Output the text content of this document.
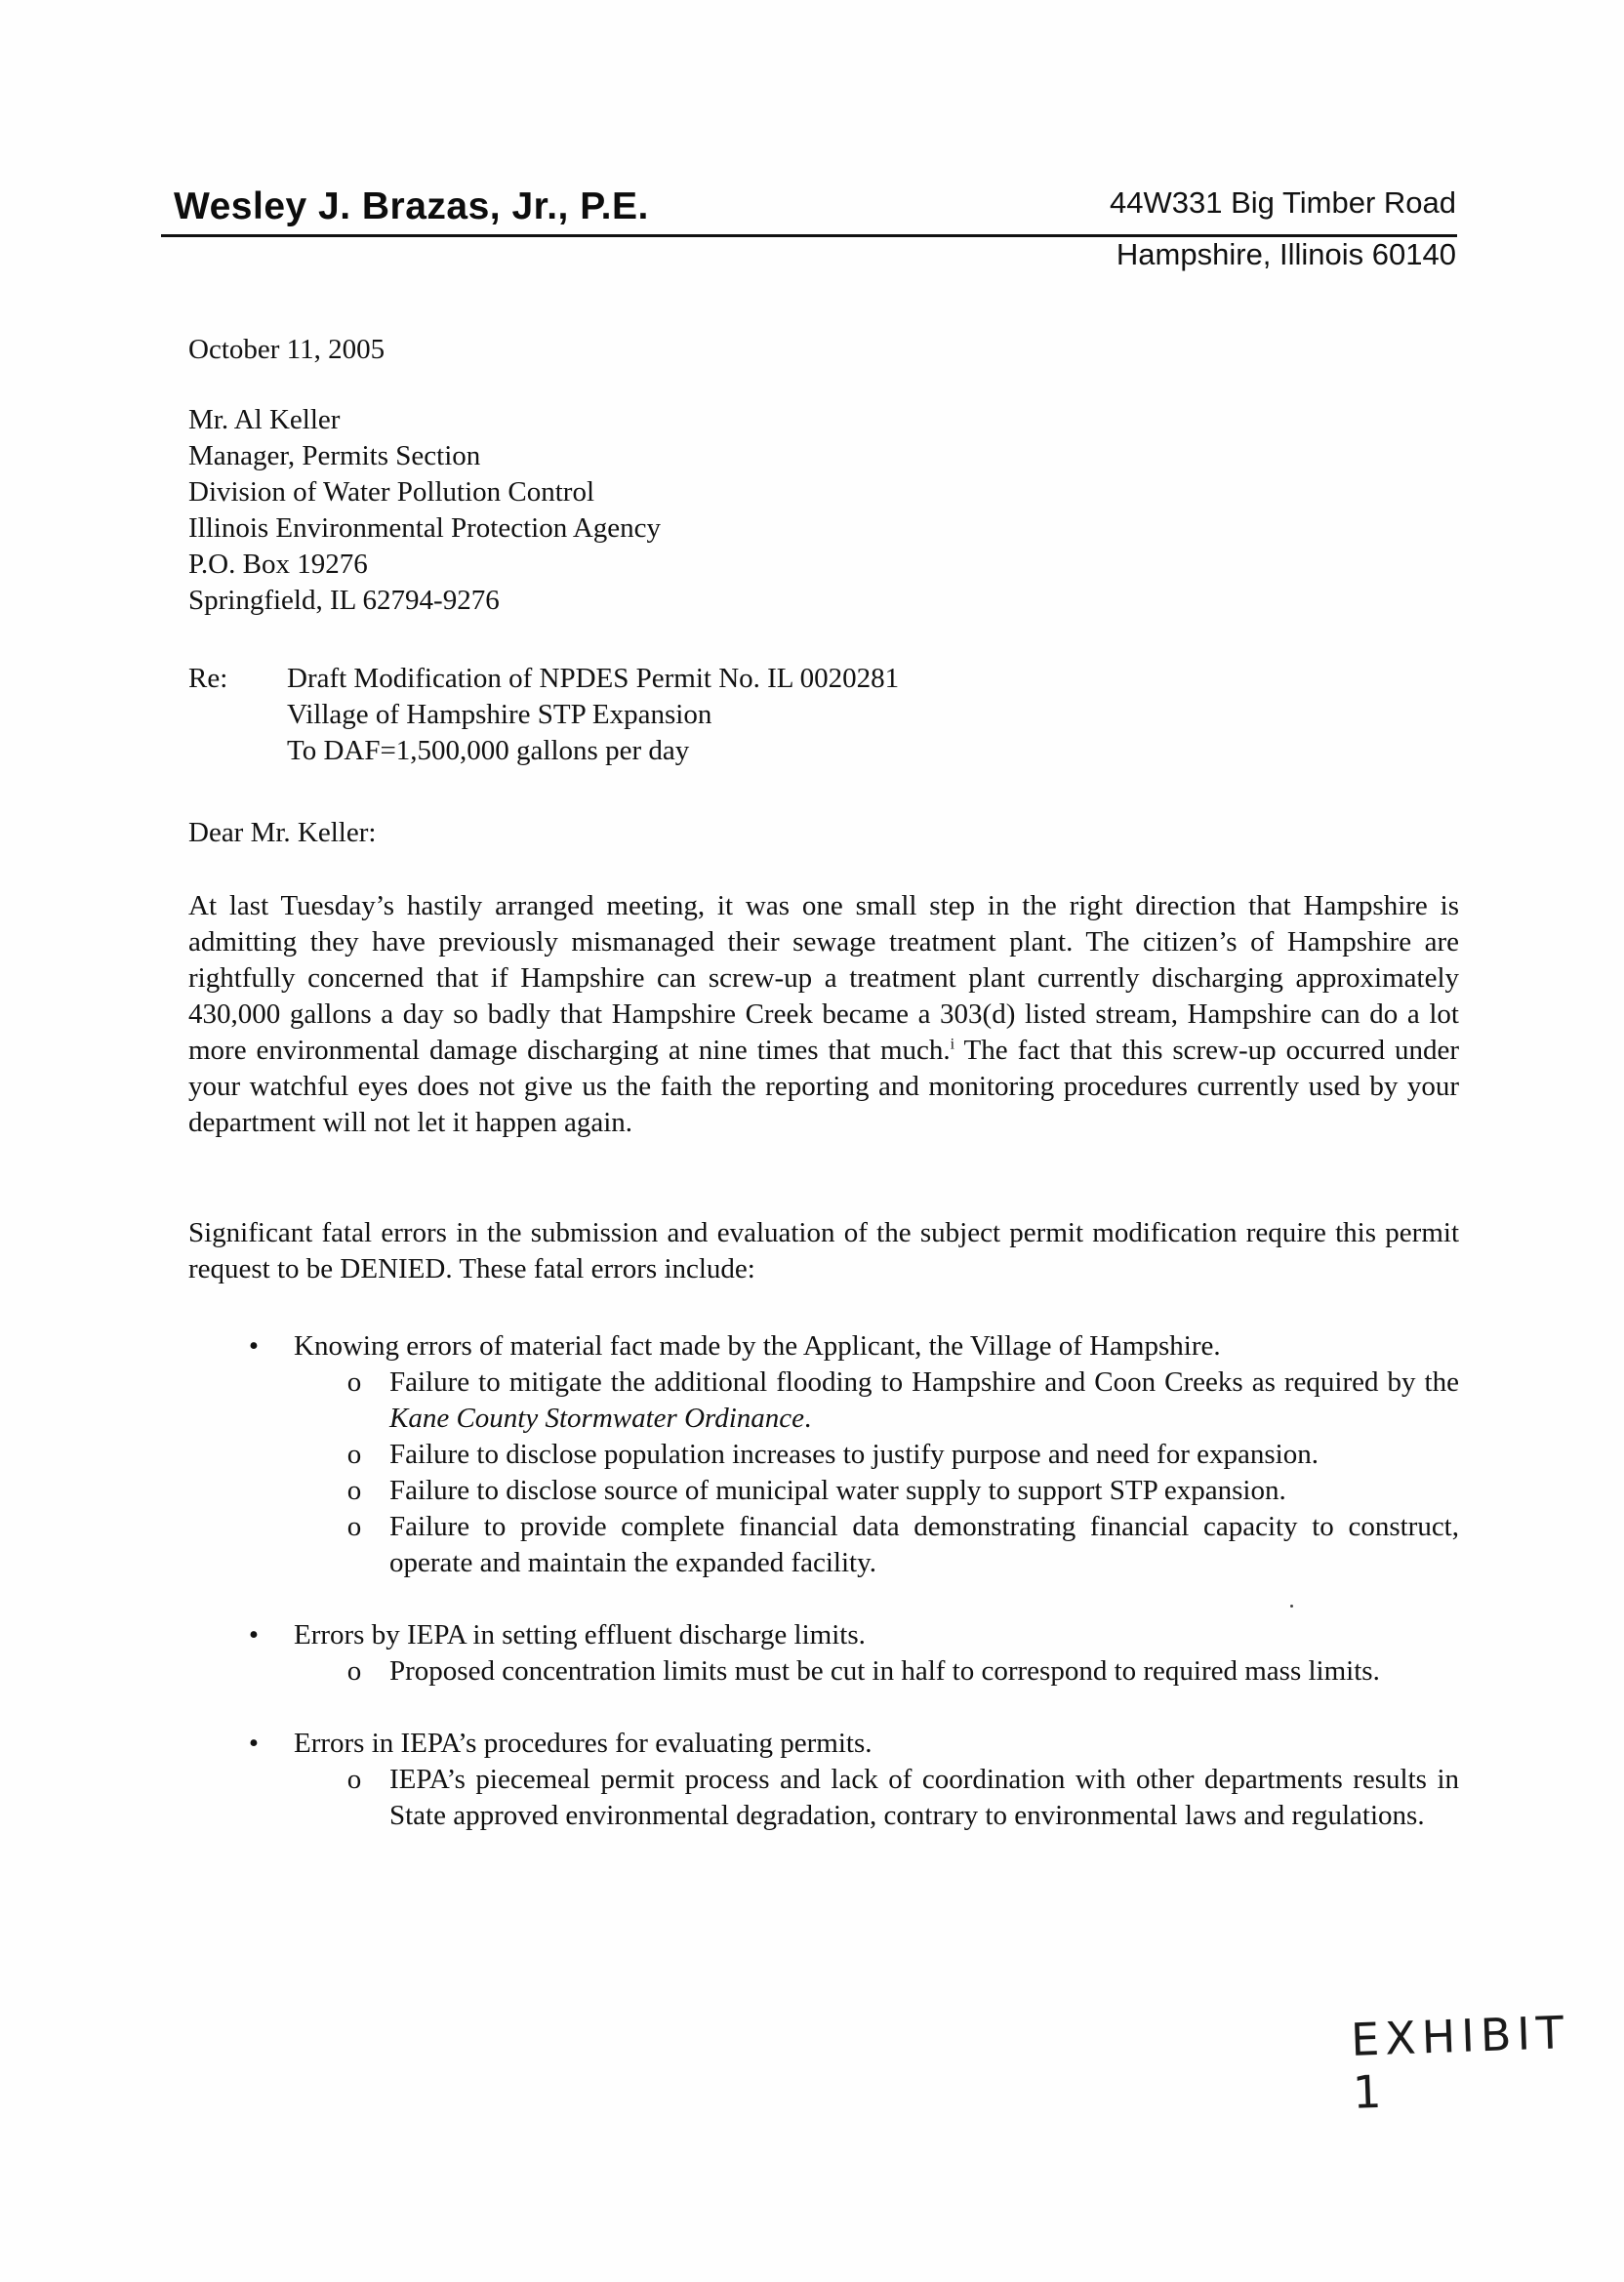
Wesley J. Brazas, Jr., P.E.	44W331 Big Timber Road
Hampshire, Illinois 60140
October 11, 2005
Mr. Al Keller
Manager, Permits Section
Division of Water Pollution Control
Illinois Environmental Protection Agency
P.O. Box 19276
Springfield, IL 62794-9276
Re: Draft Modification of NPDES Permit No. IL 0020281
Village of Hampshire STP Expansion
To DAF=1,500,000 gallons per day
Dear Mr. Keller:
At last Tuesday’s hastily arranged meeting, it was one small step in the right direction that Hampshire is admitting they have previously mismanaged their sewage treatment plant. The citizen’s of Hampshire are rightfully concerned that if Hampshire can screw-up a treatment plant currently discharging approximately 430,000 gallons a day so badly that Hampshire Creek became a 303(d) listed stream, Hampshire can do a lot more environmental damage discharging at nine times that much.$^i$ The fact that this screw-up occurred under your watchful eyes does not give us the faith the reporting and monitoring procedures currently used by your department will not let it happen again.
Significant fatal errors in the submission and evaluation of the subject permit modification require this permit request to be DENIED. These fatal errors include:
• Knowing errors of material fact made by the Applicant, the Village of Hampshire.
o Failure to mitigate the additional flooding to Hampshire and Coon Creeks as required by the Kane County Stormwater Ordinance.
o Failure to disclose population increases to justify purpose and need for expansion.
o Failure to disclose source of municipal water supply to support STP expansion.
o Failure to provide complete financial data demonstrating financial capacity to construct, operate and maintain the expanded facility.
• Errors by IEPA in setting effluent discharge limits.
o Proposed concentration limits must be cut in half to correspond to required mass limits.
• Errors in IEPA’s procedures for evaluating permits.
o IEPA’s piecemeal permit process and lack of coordination with other departments results in State approved environmental degradation, contrary to environmental laws and regulations.
EXHIBIT 1
